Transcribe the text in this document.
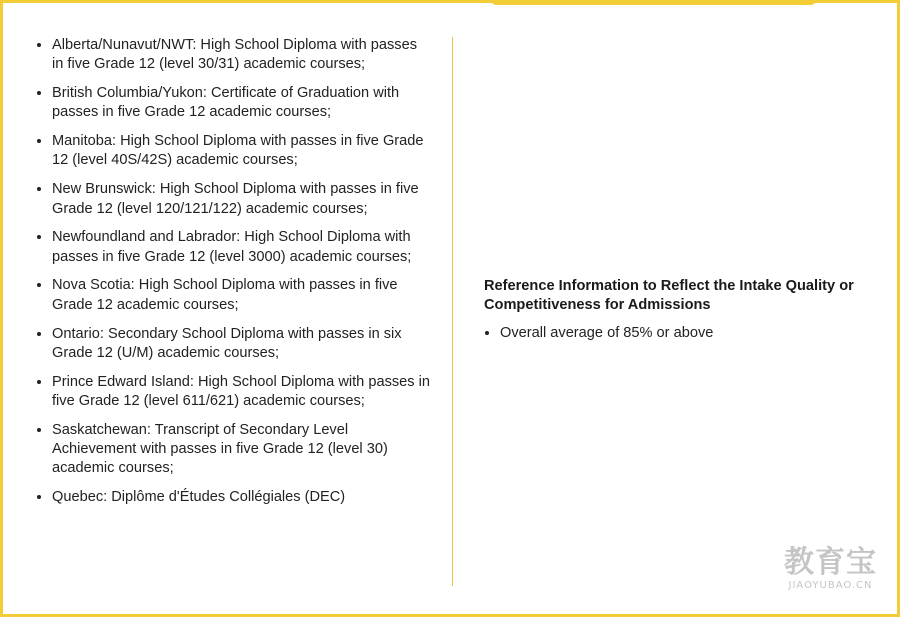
• Alberta/Nunavut/NWT: High School Diploma with passes in five Grade 12 (level 30/31) academic courses;
• British Columbia/Yukon: Certificate of Graduation with passes in five Grade 12 academic courses;
• Manitoba: High School Diploma with passes in five Grade 12 (level 40S/42S) academic courses;
• New Brunswick: High School Diploma with passes in five Grade 12 (level 120/121/122) academic courses;
• Newfoundland and Labrador: High School Diploma with passes in five Grade 12 (level 3000) academic courses;
• Nova Scotia: High School Diploma with passes in five Grade 12 academic courses;
• Ontario: Secondary School Diploma with passes in six Grade 12 (U/M) academic courses;
• Prince Edward Island: High School Diploma with passes in five Grade 12 (level 611/621) academic courses;
• Saskatchewan: Transcript of Secondary Level Achievement with passes in five Grade 12 (level 30) academic courses;
• Quebec: Diplôme d'Études Collégiales (DEC)
Reference Information to Reflect the Intake Quality or Competitiveness for Admissions
• Overall average of 85% or above
教育宝
JIAOYUBAO.CN
